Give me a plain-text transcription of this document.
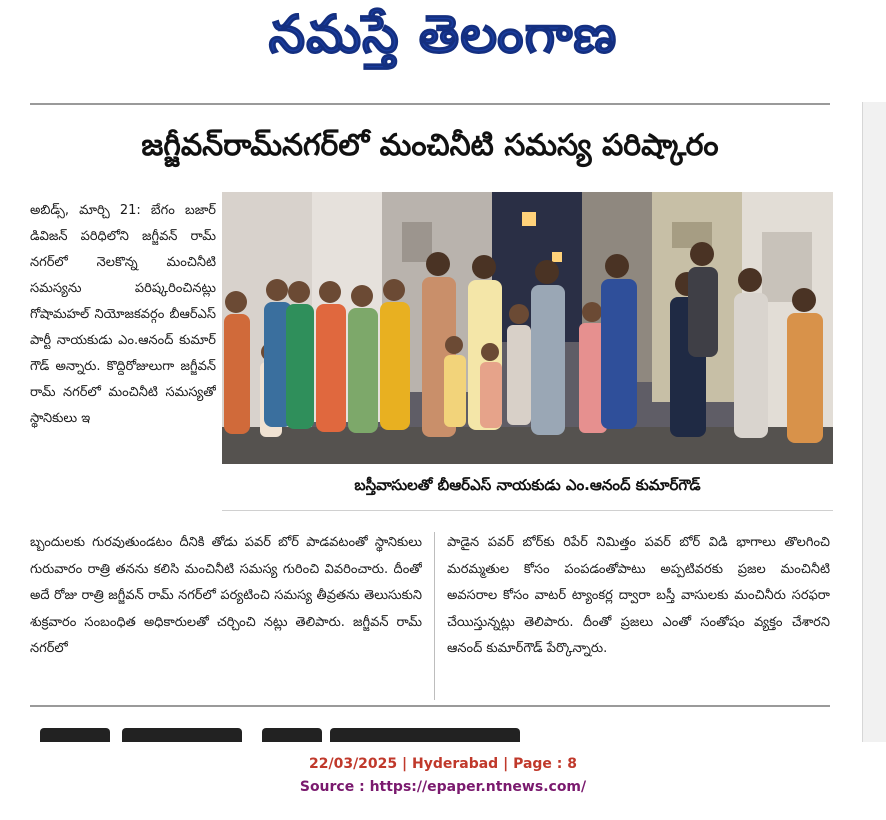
నమస్తే తెలంగాణ
జగ్జీవన్‌రామ్‌నగర్‌లో మంచినీటి సమస్య పరిష్కారం

అబిడ్స్‌, మార్చి 21: బేగం బజార్‌ డివిజన్‌ పరిధిలోని జగ్జీవన్‌ రామ్‌ నగర్‌లో నెలకొన్న మంచినీటి సమస్యను పరిష్కరించినట్లు గోషామహల్‌ నియోజకవర్గం బీఆర్‌ఎస్‌ పార్టీ నాయకుడు ఎం.ఆనంద్‌ కుమార్‌ గౌడ్‌ అన్నారు. కొద్దిరోజులుగా జగ్జీవన్‌ రామ్‌ నగర్‌లో మంచినీటి సమస్యతో స్థానికులు ఇ

బస్తీవాసులతో బీఆర్‌ఎస్‌ నాయకుడు ఎం.ఆనంద్‌ కుమార్‌గౌడ్‌
బ్బందులకు గురవుతుండటం దీనికి తోడు పవర్‌ బోర్‌ పాడవటంతో స్థానికులు గురువారం రాత్రి తనను కలిసి మంచినీటి సమస్య గురించి వివరించారు. దీంతో అదే రోజు రాత్రి జగ్జీవన్‌ రామ్‌ నగర్‌లో పర్యటించి సమస్య తీవ్రతను తెలుసుకుని శుక్రవారం సంబంధిత అధికారులతో చర్చించి నట్లు తెలిపారు. జగ్జీవన్‌ రామ్‌ నగర్‌లో
పాడైన పవర్‌ బోర్‌కు రిపేర్‌ నిమిత్తం పవర్‌ బోర్‌ విడి భాగాలు తొలగించి మరమ్మతుల కోసం పంపడంతోపాటు అప్పటివరకు ప్రజల మంచినీటి అవసరాల కోసం వాటర్‌ ట్యాంకర్ల ద్వారా బస్తీ వాసులకు మంచినీరు సరఫరా చేయిస్తున్నట్లు తెలిపారు. దీంతో ప్రజలు ఎంతో సంతోషం వ్యక్తం చేశారని ఆనంద్‌ కుమార్‌గౌడ్‌ పేర్కొన్నారు.
22/03/2025 | Hyderabad | Page : 8
Source : https://epaper.ntnews.com/
